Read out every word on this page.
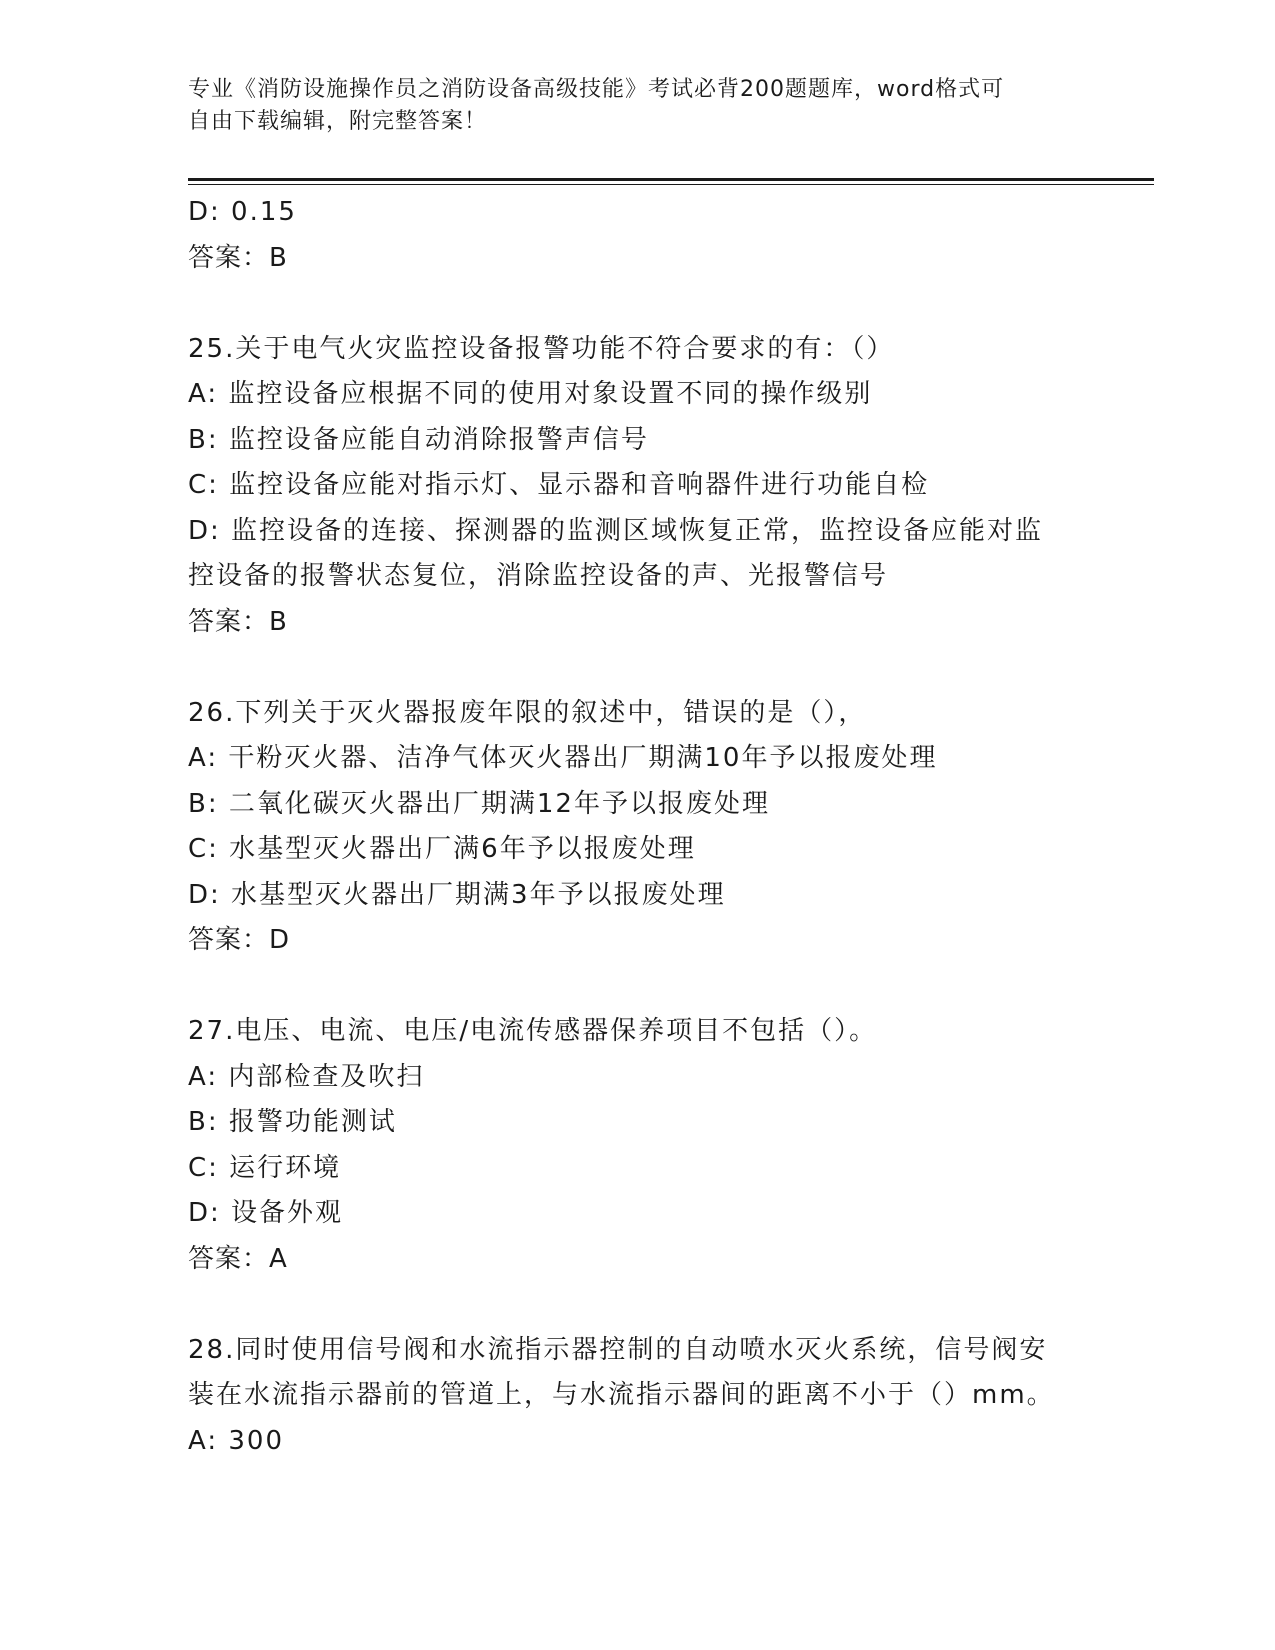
专业《消防设施操作员之消防设备高级技能》考试必背200题题库，word格式可
自由下载编辑，附完整答案！
D: 0.15
答案：B
25.关于电气火灾监控设备报警功能不符合要求的有：（）
A: 监控设备应根据不同的使用对象设置不同的操作级别
B: 监控设备应能自动消除报警声信号
C: 监控设备应能对指示灯、显示器和音响器件进行功能自检
D: 监控设备的连接、探测器的监测区域恢复正常，监控设备应能对监
控设备的报警状态复位，消除监控设备的声、光报警信号
答案：B
26.下列关于灭火器报废年限的叙述中，错误的是（），
A: 干粉灭火器、洁净气体灭火器出厂期满10年予以报废处理
B: 二氧化碳灭火器出厂期满12年予以报废处理
C: 水基型灭火器出厂满6年予以报废处理
D: 水基型灭火器出厂期满3年予以报废处理
答案：D
27.电压、电流、电压/电流传感器保养项目不包括（）。
A: 内部检查及吹扫
B: 报警功能测试
C: 运行环境
D: 设备外观
答案：A
28.同时使用信号阀和水流指示器控制的自动喷水灭火系统，信号阀安
装在水流指示器前的管道上，与水流指示器间的距离不小于（）mm。
A: 300
